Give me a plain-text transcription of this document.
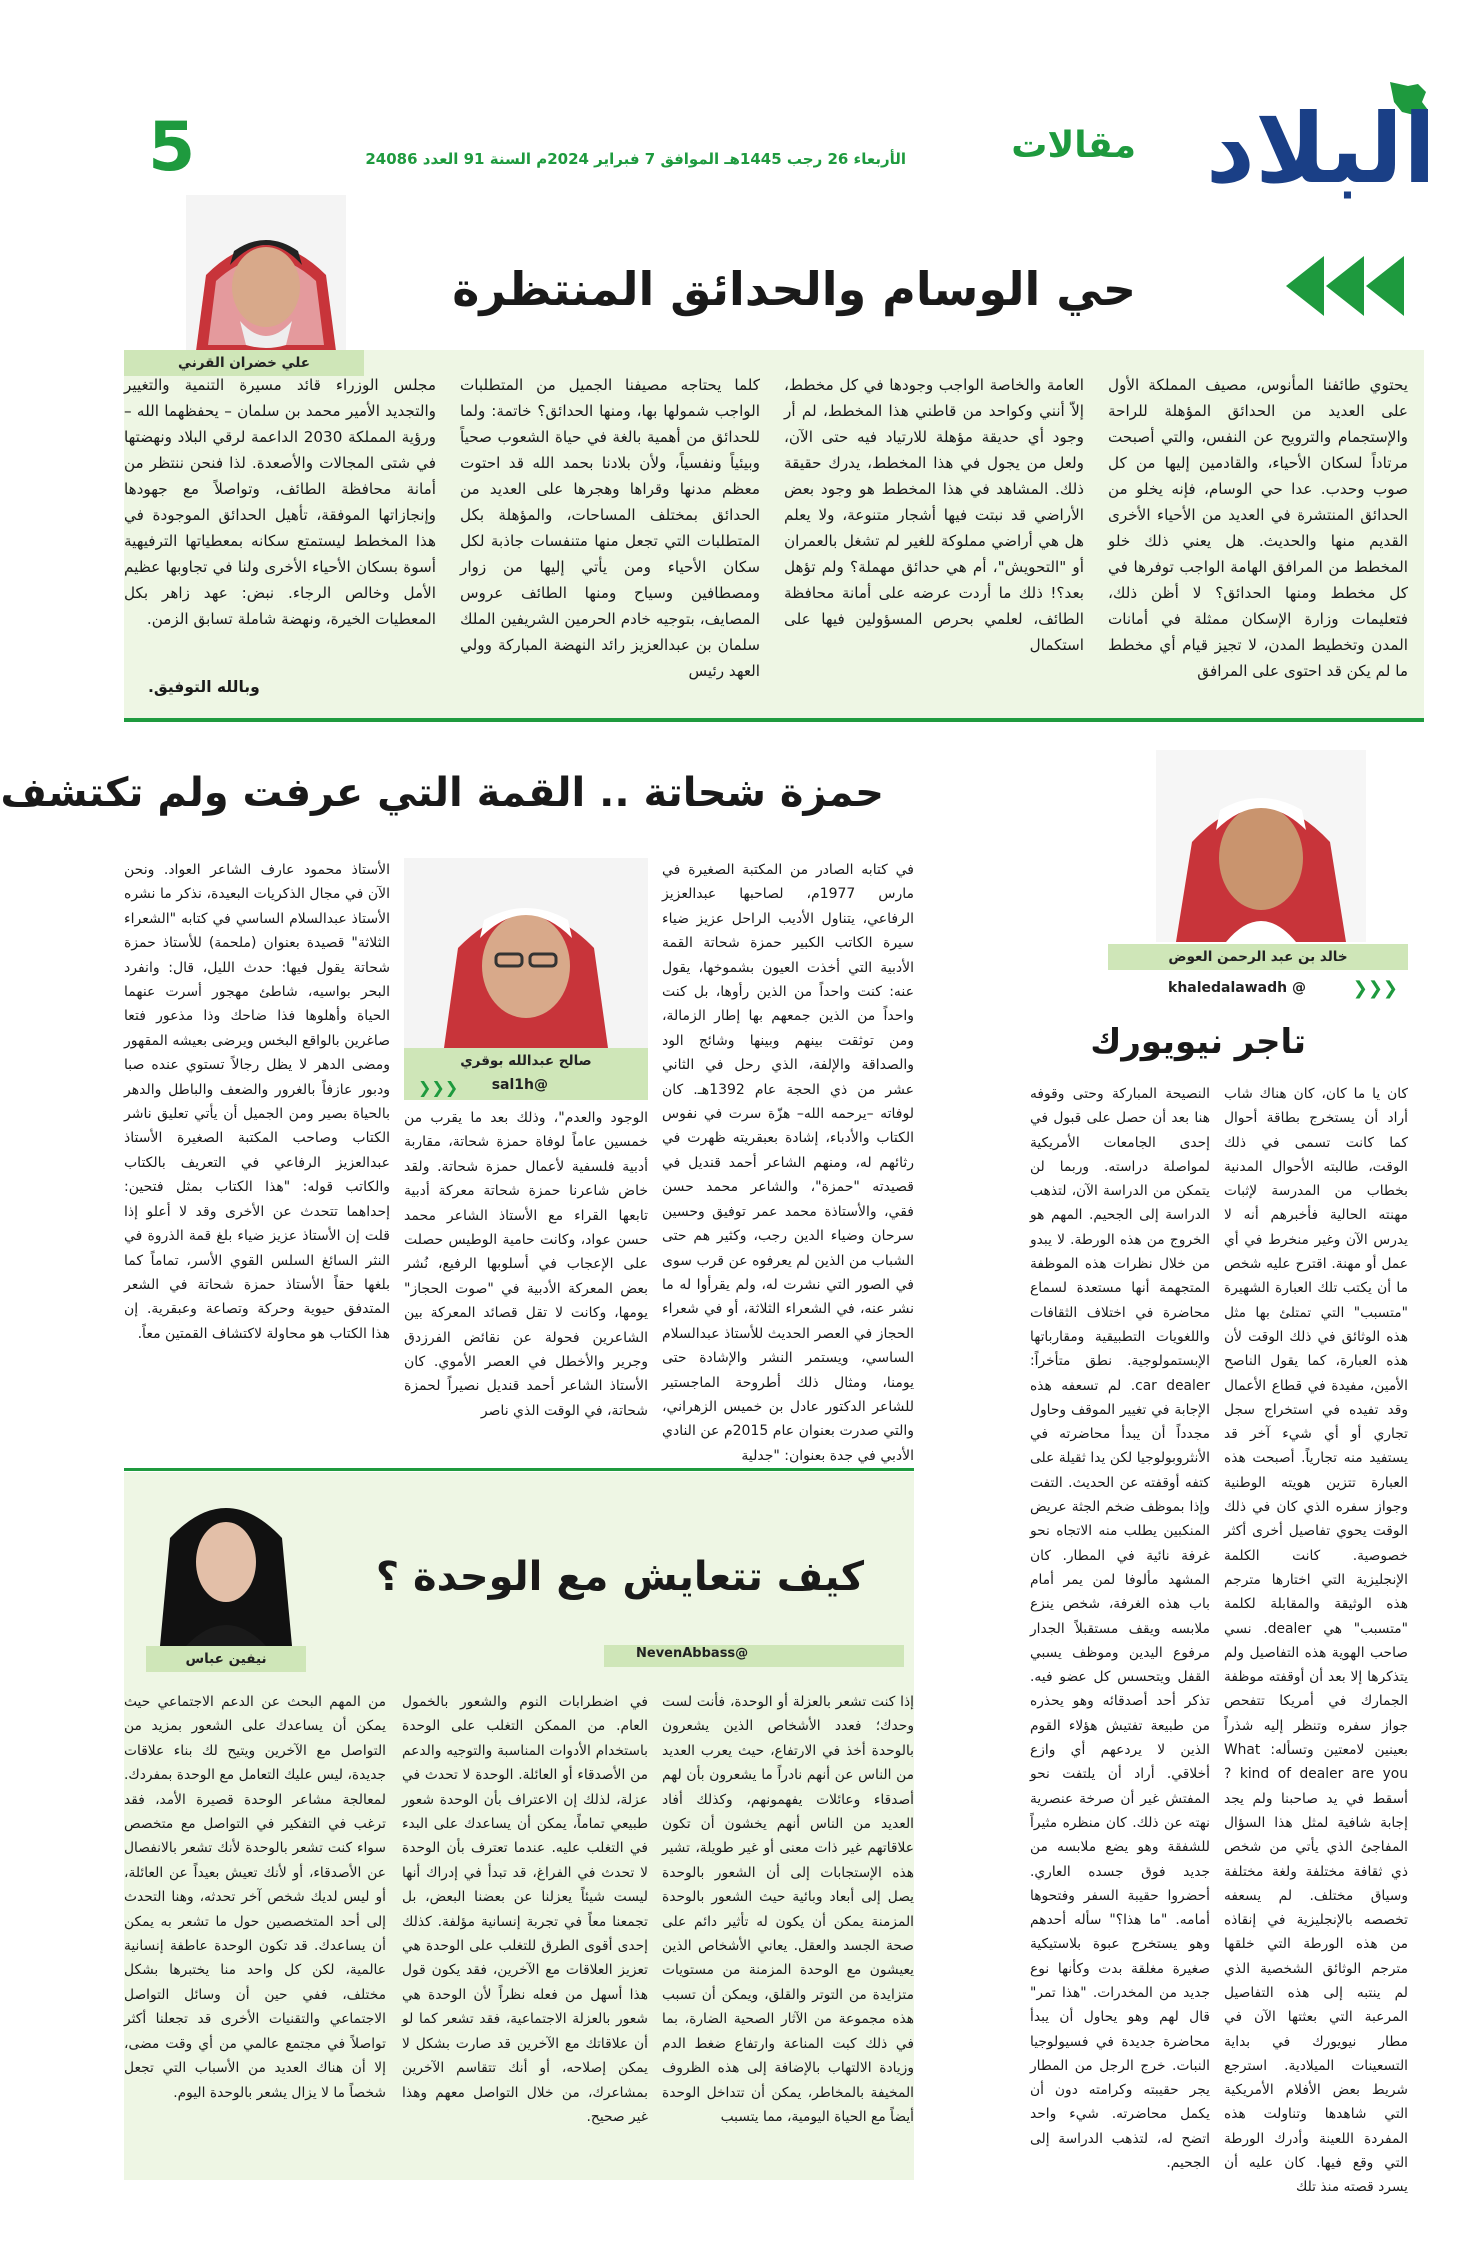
البلاد
مقالات
الأربعاء 26 رجب 1445هـ الموافق 7 فبراير 2024م السنة 91 العدد 24086
5
حي الوسام والحدائق المنتظرة
علي خضران القرني
يحتوي طائفنا المأنوس، مصيف المملكة الأول على العديد من الحدائق المؤهلة للراحة والإستجمام والترويح عن النفس، والتي أصبحت مرتاداً لسكان الأحياء، والقادمين إليها من كل صوب وحدب. عدا حي الوسام، فإنه يخلو من الحدائق المنتشرة في العديد من الأحياء الأخرى القديم منها والحديث. هل يعني ذلك خلو المخطط من المرافق الهامة الواجب توفرها في كل مخطط ومنها الحدائق؟ لا أظن ذلك، فتعليمات وزارة الإسكان ممثلة في أمانات المدن وتخطيط المدن، لا تجيز قيام أي مخطط ما لم يكن قد احتوى على المرافق
العامة والخاصة الواجب وجودها في كل مخطط، إلاّ أنني وكواحد من قاطني هذا المخطط، لم أر وجود أي حديقة مؤهلة للارتياد فيه حتى الآن، ولعل من يجول في هذا المخطط، يدرك حقيقة ذلك. المشاهد في هذا المخطط هو وجود بعض الأراضي قد نبتت فيها أشجار متنوعة، ولا يعلم هل هي أراضي مملوكة للغير لم تشغل بالعمران أو "التحويش"، أم هي حدائق مهملة؟ ولم تؤهل بعد؟! ذلك ما أردت عرضه على أمانة محافظة الطائف، لعلمي بحرص المسؤولين فيها على استكمال
كلما يحتاجه مصيفنا الجميل من المتطلبات الواجب شمولها بها، ومنها الحدائق؟ خاتمة: ولما للحدائق من أهمية بالغة في حياة الشعوب صحياً وبيئياً ونفسياً، ولأن بلادنا بحمد الله قد احتوت معظم مدنها وقراها وهجرها على العديد من الحدائق بمختلف المساحات، والمؤهلة بكل المتطلبات التي تجعل منها متنفسات جاذبة لكل سكان الأحياء ومن يأتي إليها من زوار ومصطافين وسياح ومنها الطائف عروس المصايف، بتوجيه خادم الحرمين الشريفين الملك سلمان بن عبدالعزيز رائد النهضة المباركة وولي العهد رئيس
مجلس الوزراء قائد مسيرة التنمية والتغيير والتجديد الأمير محمد بن سلمان – يحفظهما الله – ورؤية المملكة 2030 الداعمة لرقي البلاد ونهضتها في شتى المجالات والأصعدة. لذا فنحن ننتظر من أمانة محافظة الطائف، وتواصلاً مع جهودها وإنجازاتها الموفقة، تأهيل الحدائق الموجودة في هذا المخطط ليستمتع سكانه بمعطياتها الترفيهية أسوة بسكان الأحياء الأخرى ولنا في تجاوبها عظيم الأمل وخالص الرجاء. نبض: عهد زاهر بكل المعطيات الخيرة، ونهضة شاملة تسابق الزمن.
وبالله التوفيق.
حمزة شحاتة .. القمة التي عرفت ولم تكتشف
في كتابه الصادر من المكتبة الصغيرة في مارس 1977م، لصاحبها عبدالعزيز الرفاعي، يتناول الأديب الراحل عزيز ضياء سيرة الكاتب الكبير حمزة شحاتة القمة الأدبية التي أخذت العيون بشموخها، يقول عنه: كنت واحداً من الذين رأوها، بل كنت واحداً من الذين جمعهم بها إطار الزمالة، ومن توثقت بينهم وبينها وشائج الود والصداقة والإلفة، الذي رحل في الثاني عشر من ذي الحجة عام 1392هـ. كان لوفاته –يرحمه الله– هزّة سرت في نفوس الكتاب والأدباء، إشادة بعبقريته ظهرت في رثائهم له، ومنهم الشاعر أحمد قنديل في قصيدته "حمزة"، والشاعر محمد حسن فقي، والأستاذة محمد عمر توفيق وحسين سرحان وضياء الدين رجب، وكثير هم حتى الشباب من الذين لم يعرفوه عن قرب سوى في الصور التي نشرت له، ولم يقرأوا له ما نشر عنه، في الشعراء الثلاثة، أو في شعراء الحجاز في العصر الحديث للأستاذ عبدالسلام الساسي، ويستمر النشر والإشادة حتى يومنا، ومثال ذلك أطروحة الماجستير للشاعر الدكتور عادل بن خميس الزهراني، والتي صدرت بعنوان عام 2015م عن النادي الأدبي في جدة بعنوان: "جدلية
صالح عبدالله بوقري
@sal1h
❮❮❮
الوجود والعدم"، وذلك بعد ما يقرب من خمسين عاماً لوفاة حمزة شحاتة، مقاربة أدبية فلسفية لأعمال حمزة شحاتة. ولقد خاض شاعرنا حمزة شحاتة معركة أدبية تابعها القراء مع الأستاذ الشاعر محمد حسن عواد، وكانت حامية الوطيس حصلت على الإعجاب في أسلوبها الرفيع، نُشر بعض المعركة الأدبية في "صوت الحجاز" يومها، وكانت لا تقل قصائد المعركة بين الشاعرين فحولة عن نقائض الفرزدق وجرير والأخطل في العصر الأموي. كان الأستاذ الشاعر أحمد قنديل نصيراً لحمزة شحاتة، في الوقت الذي ناصر
الأستاذ محمود عارف الشاعر العواد. ونحن الآن في مجال الذكريات البعيدة، نذكر ما نشره الأستاذ عبدالسلام الساسي في كتابه "الشعراء الثلاثة" قصيدة بعنوان (ملحمة) للأستاذ حمزة شحاتة يقول فيها: حدث الليل، قال: وانفرد البحر بواسيه، شاطئ مهجور أسرت عنهما الحياة وأهلوها فذا ضاحك وذا مذعور فتعا صاغرين بالواقع البخس ويرضى بعيشه المقهور ومضى الدهر لا يظل رجالاً تستوي عنده صبا ودبور عازفاً بالغرور والضعف والباطل والدهر بالحياة بصير ومن الجميل أن يأتي تعليق ناشر الكتاب وصاحب المكتبة الصغيرة الأستاذ عبدالعزيز الرفاعي في التعريف بالكتاب والكاتب قوله: "هذا الكتاب بمثل فتحين: إحداهما تتحدث عن الأخرى وقد لا أعلو إذا قلت إن الأستاذ عزيز ضياء بلغ قمة الذروة في النثر السائغ السلس القوي الأسر، تماماً كما بلغها حقاً الأستاذ حمزة شحاتة في الشعر المتدفق حيوية وحركة وتصاعة وعبقرية. إن هذا الكتاب هو محاولة لاكتشاف القمتين معاً.
خالد بن عبد الرحمن العوض
@ khaledalawadh	❮❮❮
تاجر نيويورك
كان يا ما كان، كان هناك شاب أراد أن يستخرج بطاقة أحوال كما كانت تسمى في ذلك الوقت، طالبته الأحوال المدنية بخطاب من المدرسة لإثبات مهنته الحالية فأخبرهم أنه لا يدرس الآن وغير منخرط في أي عمل أو مهنة. اقترح عليه شخص ما أن يكتب تلك العبارة الشهيرة "متسبب" التي تمتلئ بها مثل هذه الوثائق في ذلك الوقت لأن هذه العبارة، كما يقول الناصح الأمين، مفيدة في قطاع الأعمال وقد تفيده في استخراج سجل تجاري أو أي شيء آخر قد يستفيد منه تجارياً. أصبحت هذه العبارة تتزين هويته الوطنية وجواز سفره الذي كان في ذلك الوقت يحوي تفاصيل أخرى أكثر خصوصية. كانت الكلمة الإنجليزية التي اختارها مترجم هذه الوثيقة والمقابلة لكلمة "متسبب" هي dealer. نسي صاحب الهوية هذه التفاصيل ولم يتذكرها إلا بعد أن أوقفته موظفة الجمارك في أمريكا تتفحص جواز سفره وتنظر إليه شذراً بعينين لامعتين وتسأله: What kind of dealer are you ? أسقط في يد صاحبنا ولم يجد إجابة شافية لمثل هذا السؤال المفاجئ الذي يأتي من شخص ذي ثقافة مختلفة ولغة مختلفة وسياق مختلف. لم يسعفه تخصصه بالإنجليزية في إنقاذه من هذه الورطة التي خلقها مترجم الوثائق الشخصية الذي لم ينتبه إلى هذه التفاصيل المرعبة التي بعثتها الآن في مطار نيويورك في بداية التسعينات الميلادية. استرجع شريط بعض الأفلام الأمريكية التي شاهدها وتناولت هذه المفردة اللعينة وأدرك الورطة التي وقع فيها. كان عليه أن يسرد قصته منذ تلك
النصيحة المباركة وحتى وقوفه هنا بعد أن حصل على قبول في إحدى الجامعات الأمريكية لمواصلة دراسته. وربما لن يتمكن من الدراسة الآن، لتذهب الدراسة إلى الجحيم. المهم هو الخروج من هذه الورطة. لا يبدو من خلال نظرات هذه الموظفة المتجهمة أنها مستعدة لسماع محاضرة في اختلاف الثقافات واللغويات التطبيقية ومقارباتها الإبستمولوجية. نطق متأخراً: car dealer. لم تسعفه هذه الإجابة في تغيير الموقف وحاول مجدداً أن يبدأ محاضرته في الأنثروبولوجيا لكن يدا ثقيلة على كتفه أوقفته عن الحديث. التفت وإذا بموظف ضخم الجثة عريض المنكبين يطلب منه الاتجاه نحو غرفة نائية في المطار. كان المشهد مألوفا لمن يمر أمام باب هذه الغرفة، شخص ينزع ملابسه ويقف مستقبلاً الجدار مرفوع اليدين وموظف يسبي القفل ويتحسس كل عضو فيه. تذكر أحد أصدقائه وهو يحذره من طبيعة تفتيش هؤلاء القوم الذين لا يردعهم أي وازع أخلاقي. أراد أن يلتفت نحو المفتش غير أن صرخة عنصرية نهته عن ذلك. كان منظره مثيراً للشفقة وهو يضع ملابسه من جديد فوق جسده العاري. أحضروا حقيبة السفر وفتحوها أمامه. "ما هذا؟" سأله أحدهم وهو يستخرج عبوة بلاستيكية صغيرة مغلقة بدت وكأنها نوع جديد من المخدرات. "هذا تمر" قال لهم وهو يحاول أن يبدأ محاضرة جديدة في فسيولوجيا النبات. خرج الرجل من المطار يجر حقيبته وكرامته دون أن يكمل محاضرته. شيء واحد اتضح له، لتذهب الدراسة إلى الجحيم.
نيفين عباس	@NevenAbbass
كيف تتعايش مع الوحدة ؟
إذا كنت تشعر بالعزلة أو الوحدة، فأنت لست وحدك؛ فعدد الأشخاص الذين يشعرون بالوحدة أخذ في الارتفاع، حيث يعرب العديد من الناس عن أنهم نادراً ما يشعرون بأن لهم أصدقاء وعائلات يفهمونهم، وكذلك أفاد العديد من الناس أنهم يخشون أن تكون علاقاتهم غير ذات معنى أو غير طويلة، تشير هذه الإستجابات إلى أن الشعور بالوحدة يصل إلى أبعاد وبائية حيث الشعور بالوحدة المزمنة يمكن أن يكون له تأثير دائم على صحة الجسد والعقل. يعاني الأشخاص الذين يعيشون مع الوحدة المزمنة من مستويات متزايدة من التوتر والقلق، ويمكن أن تسبب هذه مجموعة من الآثار الصحية الضارة، بما في ذلك كبت المناعة وارتفاع ضغط الدم وزيادة الالتهاب بالإضافة إلى هذه الظروف المخيفة بالمخاطر، يمكن أن تتداخل الوحدة أيضاً مع الحياة اليومية، مما يتسبب
في اضطرابات النوم والشعور بالخمول العام. من الممكن التغلب على الوحدة باستخدام الأدوات المناسبة والتوجيه والدعم من الأصدقاء أو العائلة. الوحدة لا تحدث في عزلة، لذلك إن الاعتراف بأن الوحدة شعور طبيعي تماماً، يمكن أن يساعدك على البدء في التغلب عليه. عندما تعترف بأن الوحدة لا تحدث في الفراغ، قد تبدأ في إدراك أنها ليست شيئاً يعزلنا عن بعضنا البعض، بل تجمعنا معاً في تجربة إنسانية مؤلفة. كذلك إحدى أقوى الطرق للتغلب على الوحدة هي تعزيز العلاقات مع الآخرين، فقد يكون قول هذا أسهل من فعله نظراً لأن الوحدة هي شعور بالعزلة الاجتماعية، فقد تشعر كما لو أن علاقاتك مع الآخرين قد صارت بشكل لا يمكن إصلاحه، أو أنك تتقاسم الآخرين بمشاعرك، من خلال التواصل معهم وهذا غير صحيح.
من المهم البحث عن الدعم الاجتماعي حيث يمكن أن يساعدك على الشعور بمزيد من التواصل مع الآخرين ويتيح لك بناء علاقات جديدة، ليس عليك التعامل مع الوحدة بمفردك. لمعالجة مشاعر الوحدة قصيرة الأمد، فقد ترغب في التفكير في التواصل مع متخصص سواء كنت تشعر بالوحدة لأنك تشعر بالانفصال عن الأصدقاء، أو لأنك تعيش بعيداً عن العائلة، أو ليس لديك شخص آخر تحدثه، وهنا التحدث إلى أحد المتخصصين حول ما تشعر به يمكن أن يساعدك. قد تكون الوحدة عاطفة إنسانية عالمية، لكن كل واحد منا يختبرها بشكل مختلف، ففي حين أن وسائل التواصل الاجتماعي والتقنيات الأخرى قد تجعلنا أكثر تواصلاً في مجتمع عالمي من أي وقت مضى، إلا أن هناك العديد من الأسباب التي تجعل شخصاً ما لا يزال يشعر بالوحدة اليوم.
